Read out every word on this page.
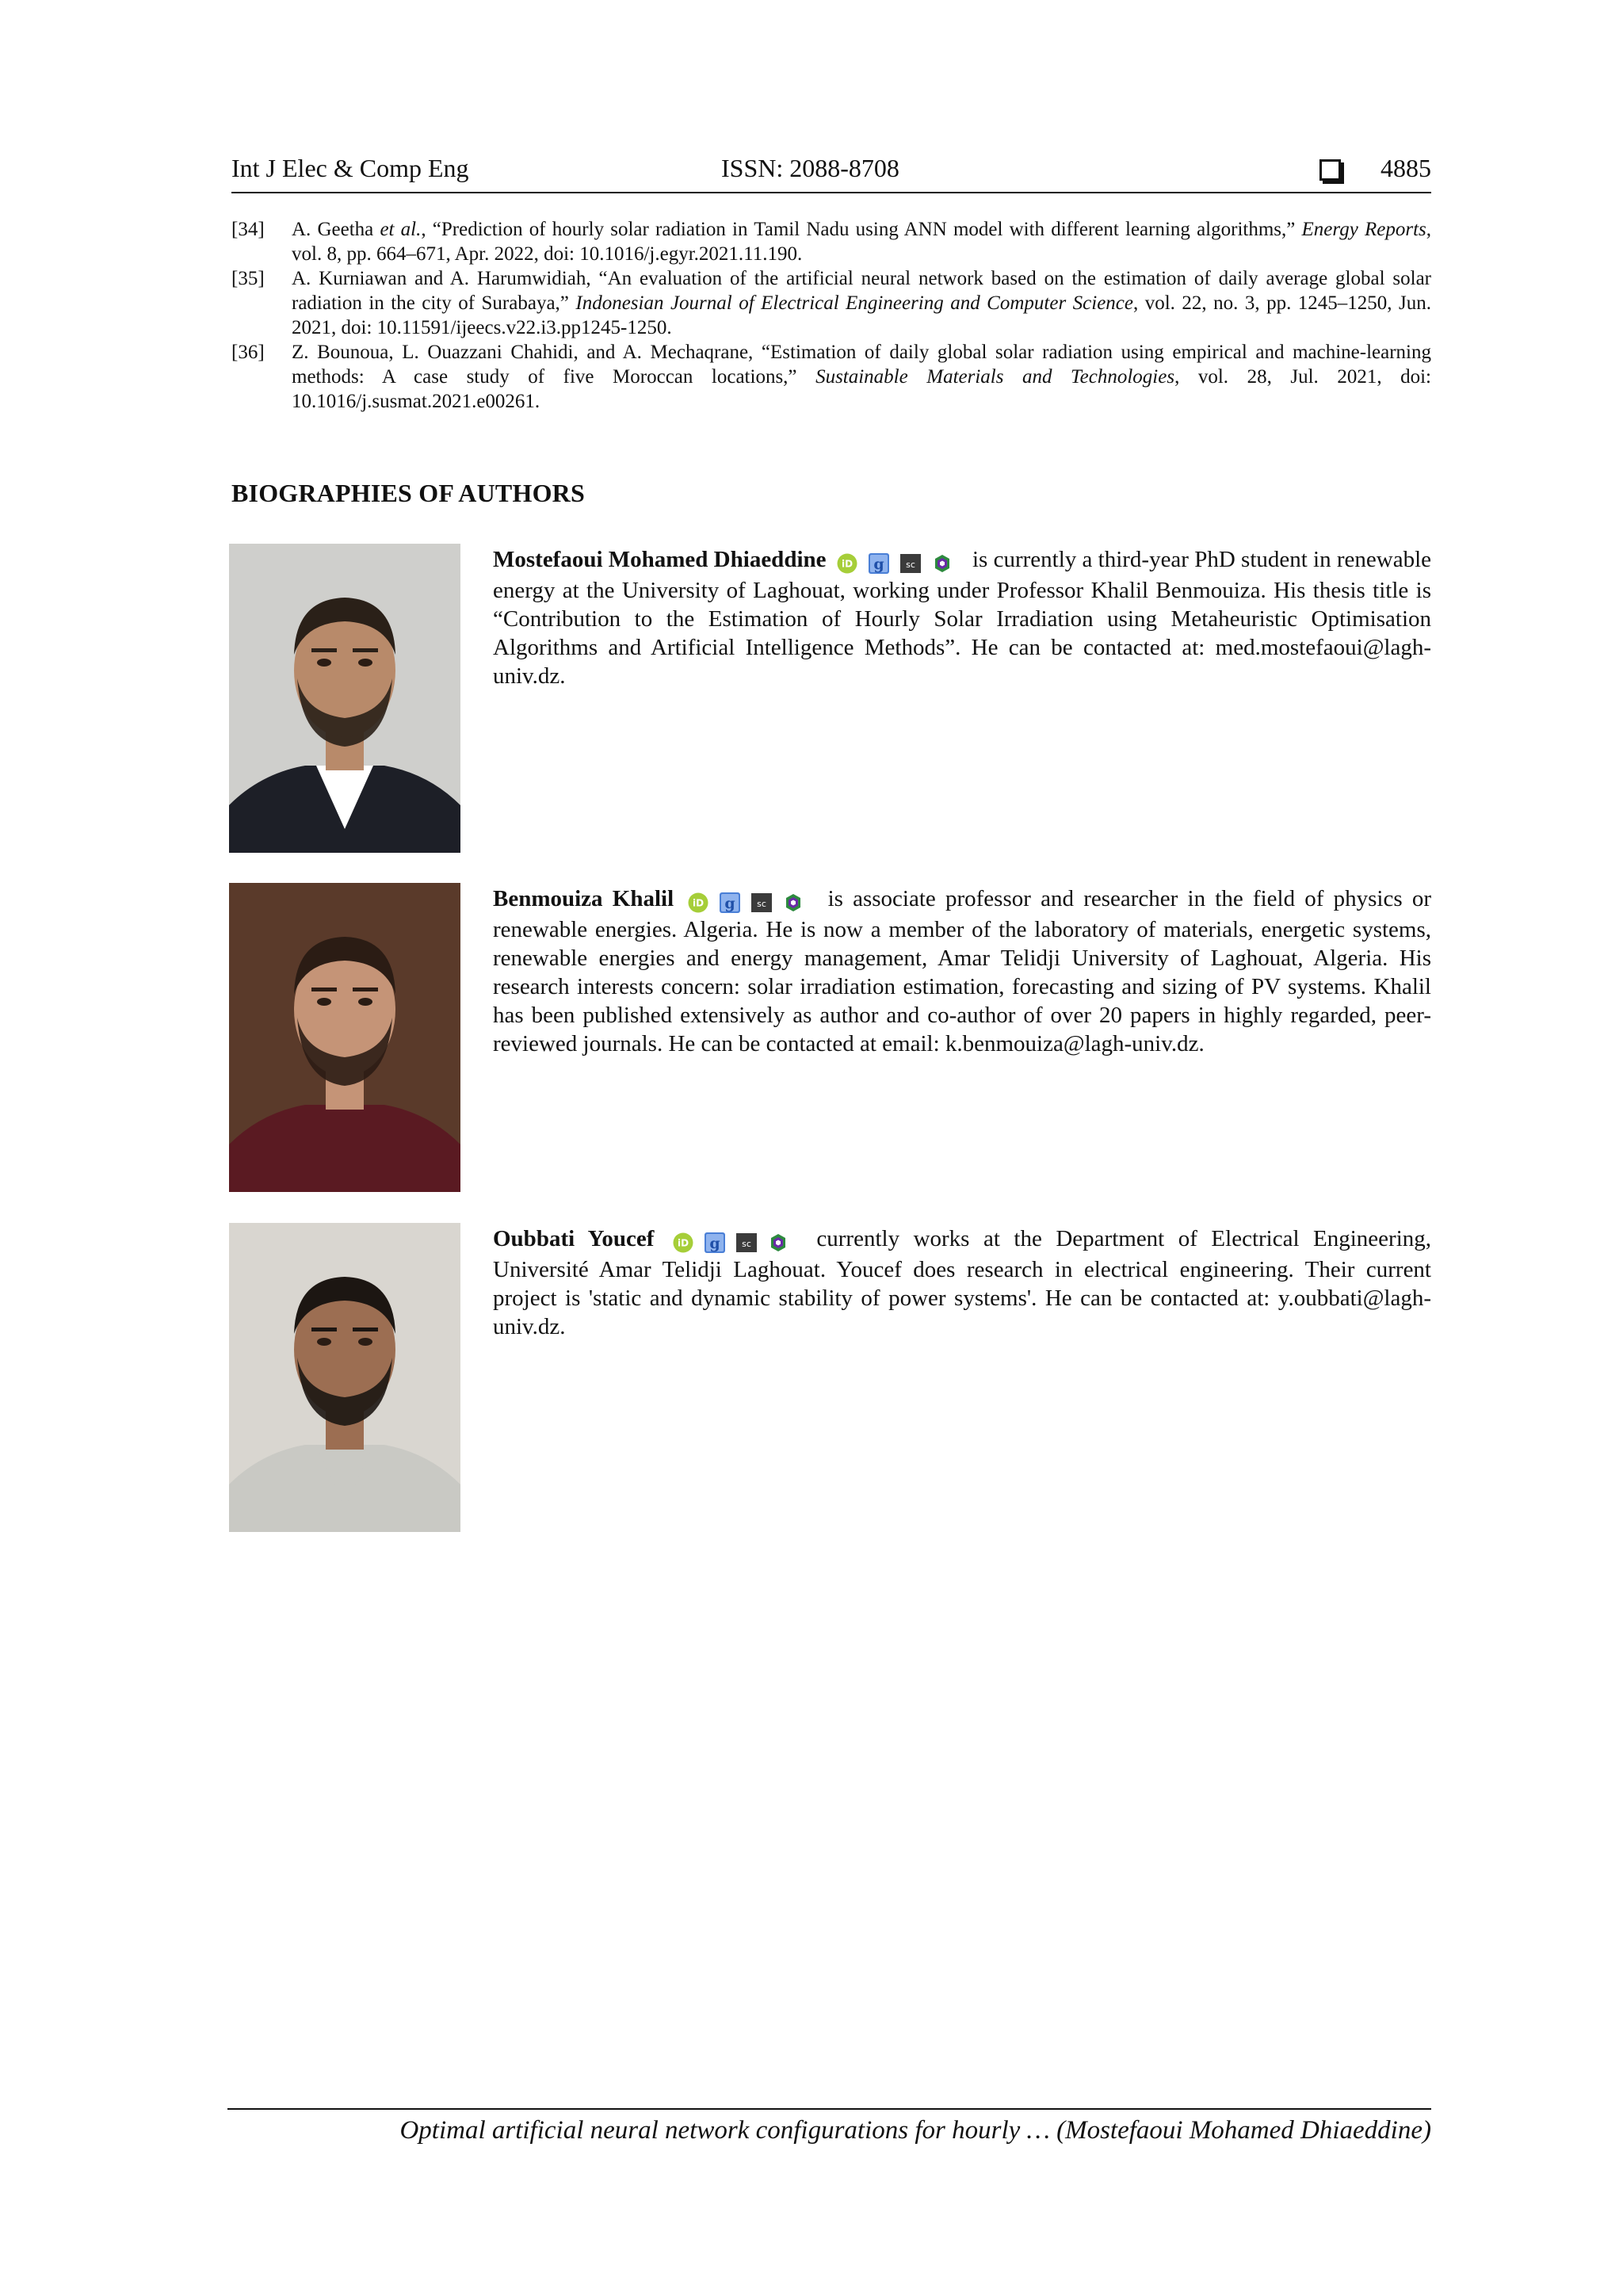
Int J Elec & Comp Eng	ISSN: 2088-8708	4885
[34] A. Geetha et al., “Prediction of hourly solar radiation in Tamil Nadu using ANN model with different learning algorithms,” Energy Reports, vol. 8, pp. 664–671, Apr. 2022, doi: 10.1016/j.egyr.2021.11.190.
[35] A. Kurniawan and A. Harumwidiah, “An evaluation of the artificial neural network based on the estimation of daily average global solar radiation in the city of Surabaya,” Indonesian Journal of Electrical Engineering and Computer Science, vol. 22, no. 3, pp. 1245–1250, Jun. 2021, doi: 10.11591/ijeecs.v22.i3.pp1245-1250.
[36] Z. Bounoua, L. Ouazzani Chahidi, and A. Mechaqrane, “Estimation of daily global solar radiation using empirical and machine-learning methods: A case study of five Moroccan locations,” Sustainable Materials and Technologies, vol. 28, Jul. 2021, doi: 10.1016/j.susmat.2021.e00261.
BIOGRAPHIES OF AUTHORS
Mostefaoui Mohamed Dhiaeddine iD g sc is currently a third-year PhD student in renewable energy at the University of Laghouat, working under Professor Khalil Benmouiza. His thesis title is “Contribution to the Estimation of Hourly Solar Irradiation using Metaheuristic Optimisation Algorithms and Artificial Intelligence Methods”. He can be contacted at: med.mostefaoui@lagh-univ.dz.
Benmouiza Khalil iD g sc	is associate professor and researcher in the field of physics or renewable energies. Algeria. He is now a member of the laboratory of materials, energetic systems, renewable energies and energy management, Amar Telidji University of Laghouat, Algeria. His research interests concern: solar irradiation estimation, forecasting and sizing of PV systems. Khalil has been published extensively as author and co-author of over 20 papers in highly regarded, peer-reviewed journals. He can be contacted at email: k.benmouiza@lagh-univ.dz.
Oubbati Youcef iD g sc	currently works at the Department of Electrical Engineering, Université Amar Telidji Laghouat. Youcef does research in electrical engineering. Their current project is 'static and dynamic stability of power systems'. He can be contacted at: y.oubbati@lagh-univ.dz.
Optimal artificial neural network configurations for hourly … (Mostefaoui Mohamed Dhiaeddine)
